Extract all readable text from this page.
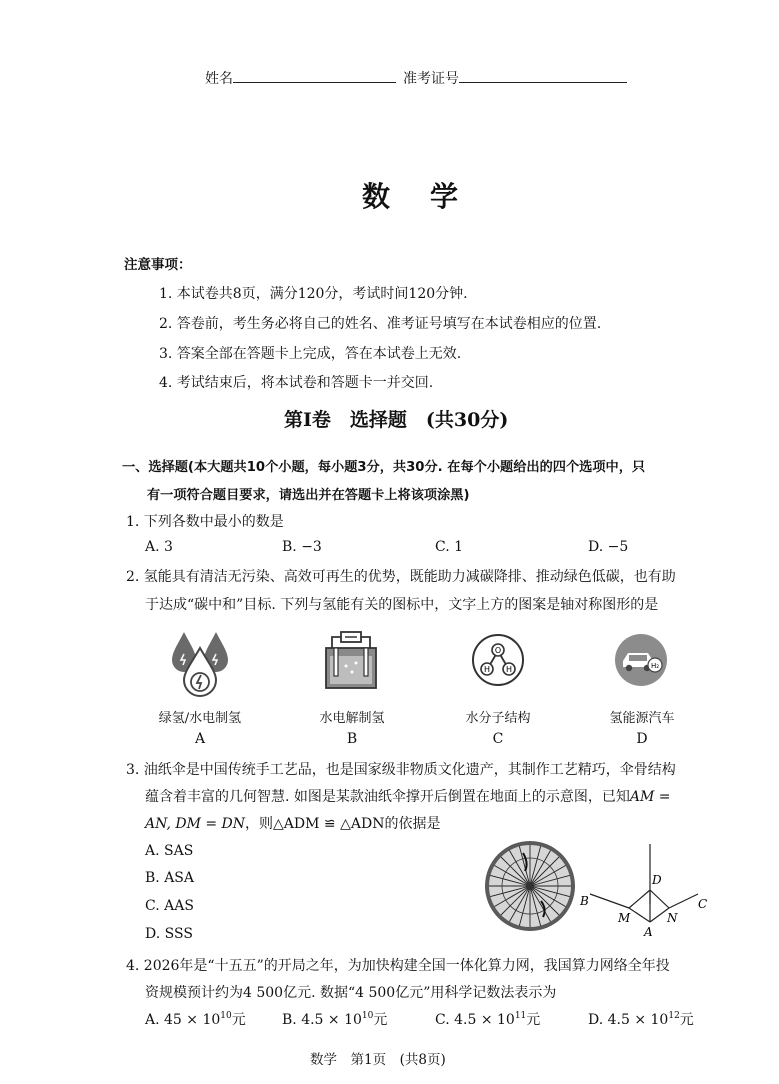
姓名	准考证号
数学
注意事项：
1. 本试卷共8页，满分120分，考试时间120分钟.
2. 答卷前，考生务必将自己的姓名、准考证号填写在本试卷相应的位置.
3. 答案全部在答题卡上完成，答在本试卷上无效.
4. 考试结束后，将本试卷和答题卡一并交回.
第Ⅰ卷　选择题　(共30分)
一、选择题(本大题共10个小题，每小题3分，共30分. 在每个小题给出的四个选项中，只
有一项符合题目要求，请选出并在答题卡上将该项涂黑)
1. 下列各数中最小的数是
A. 3	B. −3	C. 1	D. −5
2. 氢能具有清洁无污染、高效可再生的优势，既能助力减碳降排、推动绿色低碳，也有助
于达成“碳中和”目标. 下列与氢能有关的图标中，文字上方的图案是轴对称图形的是
O
H H	H₂
绿氢/水电制氢	水电解制氢	水分子结构	氢能源汽车
A	B	C	D
3. 油纸伞是中国传统手工艺品，也是国家级非物质文化遗产，其制作工艺精巧，伞骨结构
蕴含着丰富的几何智慧. 如图是某款油纸伞撑开后倒置在地面上的示意图，已知AM =
AN, DM = DN，则△ADM ≌ △ADN的依据是
A. SAS
B. ASA
C. AAS
D. SSS
D
B
M
A
N
C
4. 2026年是“十五五”的开局之年，为加快构建全国一体化算力网，我国算力网络全年投
资规模预计约为4 500亿元. 数据“4 500亿元”用科学记数法表示为
A. $45 \times 10^{10}$元	B. $4.5 \times 10^{10}$元	C. $4.5 \times 10^{11}$元	D. $4.5 \times 10^{12}$元
数学　第1页　(共8页)
